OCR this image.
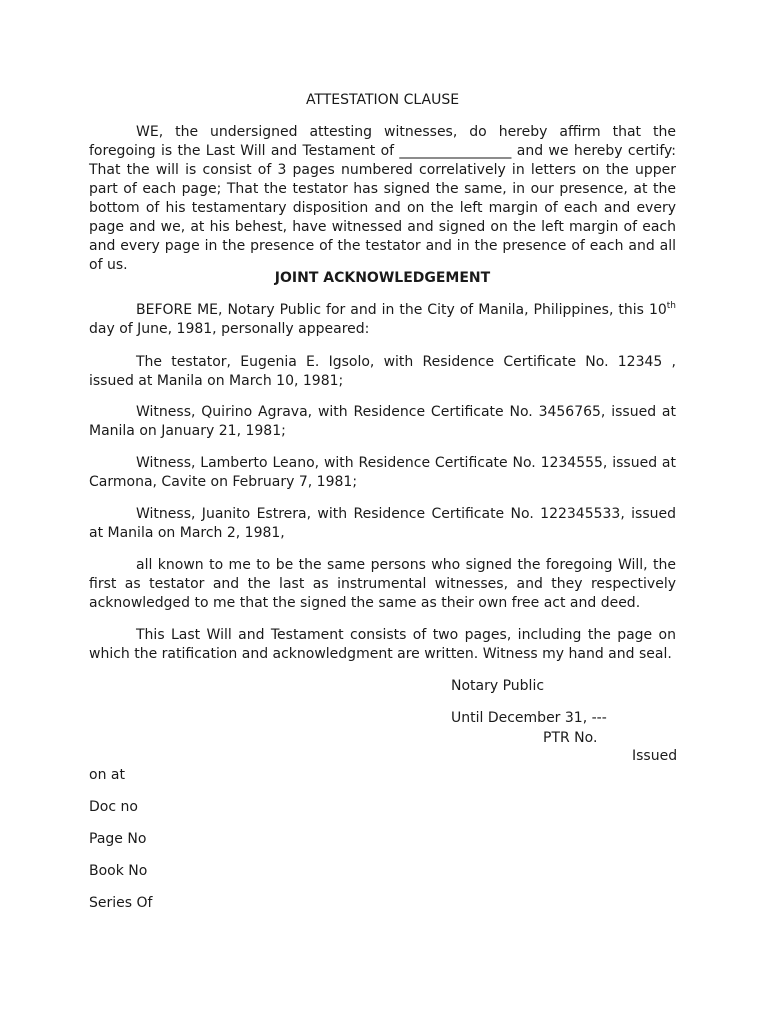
ATTESTATION CLAUSE

WE, the undersigned attesting witnesses, do hereby affirm that the foregoing is the Last Will and Testament of ________________ and we hereby certify: That the will is consist of 3 pages numbered correlatively in letters on the upper part of each page; That the testator has signed the same, in our presence, at the bottom of his testamentary disposition and on the left margin of each and every page and we, at his behest, have witnessed and signed on the left margin of each and every page in the presence of the testator and in the presence of each and all of us.

JOINT ACKNOWLEDGEMENT

BEFORE ME, Notary Public for and in the City of Manila, Philippines, this 10th day of June, 1981, personally appeared:

The testator, Eugenia E. Igsolo, with Residence Certificate No. 12345 , issued at Manila on March 10, 1981;

Witness, Quirino Agrava, with Residence Certificate No. 3456765, issued at Manila on January 21, 1981;

Witness, Lamberto Leano, with Residence Certificate No. 1234555, issued at Carmona, Cavite on February 7, 1981;

Witness, Juanito Estrera, with Residence Certificate No. 122345533, issued at Manila on March 2, 1981,

all known to me to be the same persons who signed the foregoing Will, the first as testator and the last as instrumental witnesses, and they respectively acknowledged to me that the signed the same as their own free act and deed.

This Last Will and Testament consists of two pages, including the page on which the ratification and acknowledgment are written. Witness my hand and seal.

Notary Public
Until December 31, ---
PTR No.
Issued
on at
Doc no
Page No
Book No
Series Of
